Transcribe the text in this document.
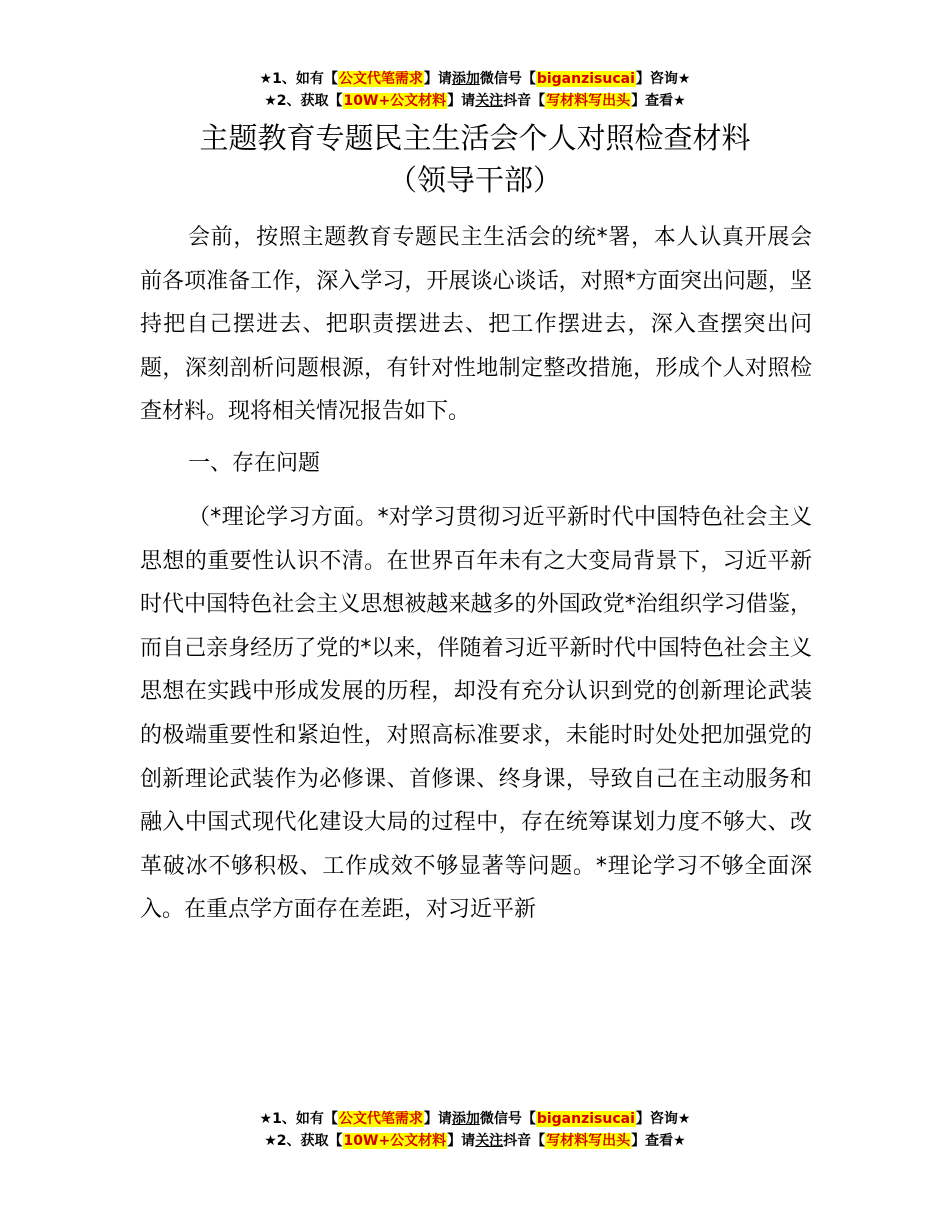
★1、如有【公文代笔需求】请添加微信号【biganzisucai】咨询★
★2、获取【10W+公文材料】请关注抖音【写材料写出头】查看★
主题教育专题民主生活会个人对照检查材料
（领导干部）
会前，按照主题教育专题民主生活会的统*署，本人认真开展会前各项准备工作，深入学习，开展谈心谈话，对照*方面突出问题，坚持把自己摆进去、把职责摆进去、把工作摆进去，深入查摆突出问题，深刻剖析问题根源，有针对性地制定整改措施，形成个人对照检查材料。现将相关情况报告如下。
一、存在问题
（*理论学习方面。*对学习贯彻习近平新时代中国特色社会主义思想的重要性认识不清。在世界百年未有之大变局背景下，习近平新时代中国特色社会主义思想被越来越多的外国政党*治组织学习借鉴，而自己亲身经历了党的*以来，伴随着习近平新时代中国特色社会主义思想在实践中形成发展的历程，却没有充分认识到党的创新理论武装的极端重要性和紧迫性，对照高标准要求，未能时时处处把加强党的创新理论武装作为必修课、首修课、终身课，导致自己在主动服务和融入中国式现代化建设大局的过程中，存在统筹谋划力度不够大、改革破冰不够积极、工作成效不够显著等问题。*理论学习不够全面深入。在重点学方面存在差距，对习近平新
★1、如有【公文代笔需求】请添加微信号【biganzisucai】咨询★
★2、获取【10W+公文材料】请关注抖音【写材料写出头】查看★
